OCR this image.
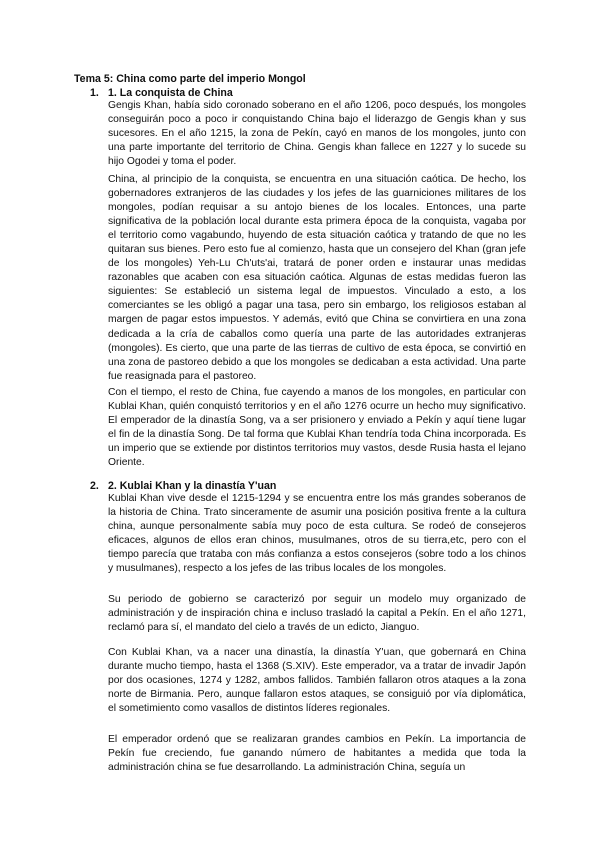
Tema 5: China como parte del imperio Mongol
1. 1. La conquista de China

Gengis Khan, había sido coronado soberano en el año 1206, poco después, los mongoles conseguirán poco a poco ir conquistando China bajo el liderazgo de Gengis khan y sus sucesores. En el año 1215, la zona de Pekín, cayó en manos de los mongoles, junto con una parte importante del territorio de China. Gengis khan fallece en 1227 y lo sucede su hijo Ogodei y toma el poder.

China, al principio de la conquista, se encuentra en una situación caótica. De hecho, los gobernadores extranjeros de las ciudades y los jefes de las guarniciones militares de los mongoles, podían requisar a su antojo bienes de los locales. Entonces, una parte significativa de la población local durante esta primera época de la conquista, vagaba por el territorio como vagabundo, huyendo de esta situación caótica y tratando de que no les quitaran sus bienes. Pero esto fue al comienzo, hasta que un consejero del Khan (gran jefe de los mongoles) Yeh-Lu Ch'uts'ai, tratará de poner orden e instaurar unas medidas razonables que acaben con esa situación caótica. Algunas de estas medidas fueron las siguientes: Se estableció un sistema legal de impuestos. Vinculado a esto, a los comerciantes se les obligó a pagar una tasa, pero sin embargo, los religiosos estaban al margen de pagar estos impuestos. Y además, evitó que China se convirtiera en una zona dedicada a la cría de caballos como quería una parte de las autoridades extranjeras (mongoles). Es cierto, que una parte de las tierras de cultivo de esta época, se convirtió en una zona de pastoreo debido a que los mongoles se dedicaban a esta actividad. Una parte fue reasignada para el pastoreo.

Con el tiempo, el resto de China, fue cayendo a manos de los mongoles, en particular con Kublai Khan, quién conquistó territorios y en el año 1276 ocurre un hecho muy significativo. El emperador de la dinastía Song, va a ser prisionero y enviado a Pekín y aquí tiene lugar el fin de la dinastía Song. De tal forma que Kublai Khan tendría toda China incorporada. Es un imperio que se extiende por distintos territorios muy vastos, desde Rusia hasta el lejano Oriente.

2. 2. Kublai Khan y la dinastía Y'uan

Kublai Khan vive desde el 1215-1294 y se encuentra entre los más grandes soberanos de la historia de China. Trato sinceramente de asumir una posición positiva frente a la cultura china, aunque personalmente sabía muy poco de esta cultura. Se rodeó de consejeros eficaces, algunos de ellos eran chinos, musulmanes, otros de su tierra,etc, pero con el tiempo parecía que trataba con más confianza a estos consejeros (sobre todo a los chinos y musulmanes), respecto a los jefes de las tribus locales de los mongoles.

Su periodo de gobierno se caracterizó por seguir un modelo muy organizado de administración y de inspiración china e incluso trasladó la capital a Pekín. En el año 1271, reclamó para sí, el mandato del cielo a través de un edicto, Jianguo.

Con Kublai Khan, va a nacer una dinastía, la dinastía Y'uan, que gobernará en China durante mucho tiempo, hasta el 1368 (S.XIV). Este emperador, va a tratar de invadir Japón por dos ocasiones, 1274 y 1282, ambos fallidos. También fallaron otros ataques a la zona norte de Birmania. Pero, aunque fallaron estos ataques, se consiguió por vía diplomática, el sometimiento como vasallos de distintos líderes regionales.

El emperador ordenó que se realizaran grandes cambios en Pekín. La importancia de Pekín fue creciendo, fue ganando número de habitantes a medida que toda la administración china se fue desarrollando. La administración China, seguía un
